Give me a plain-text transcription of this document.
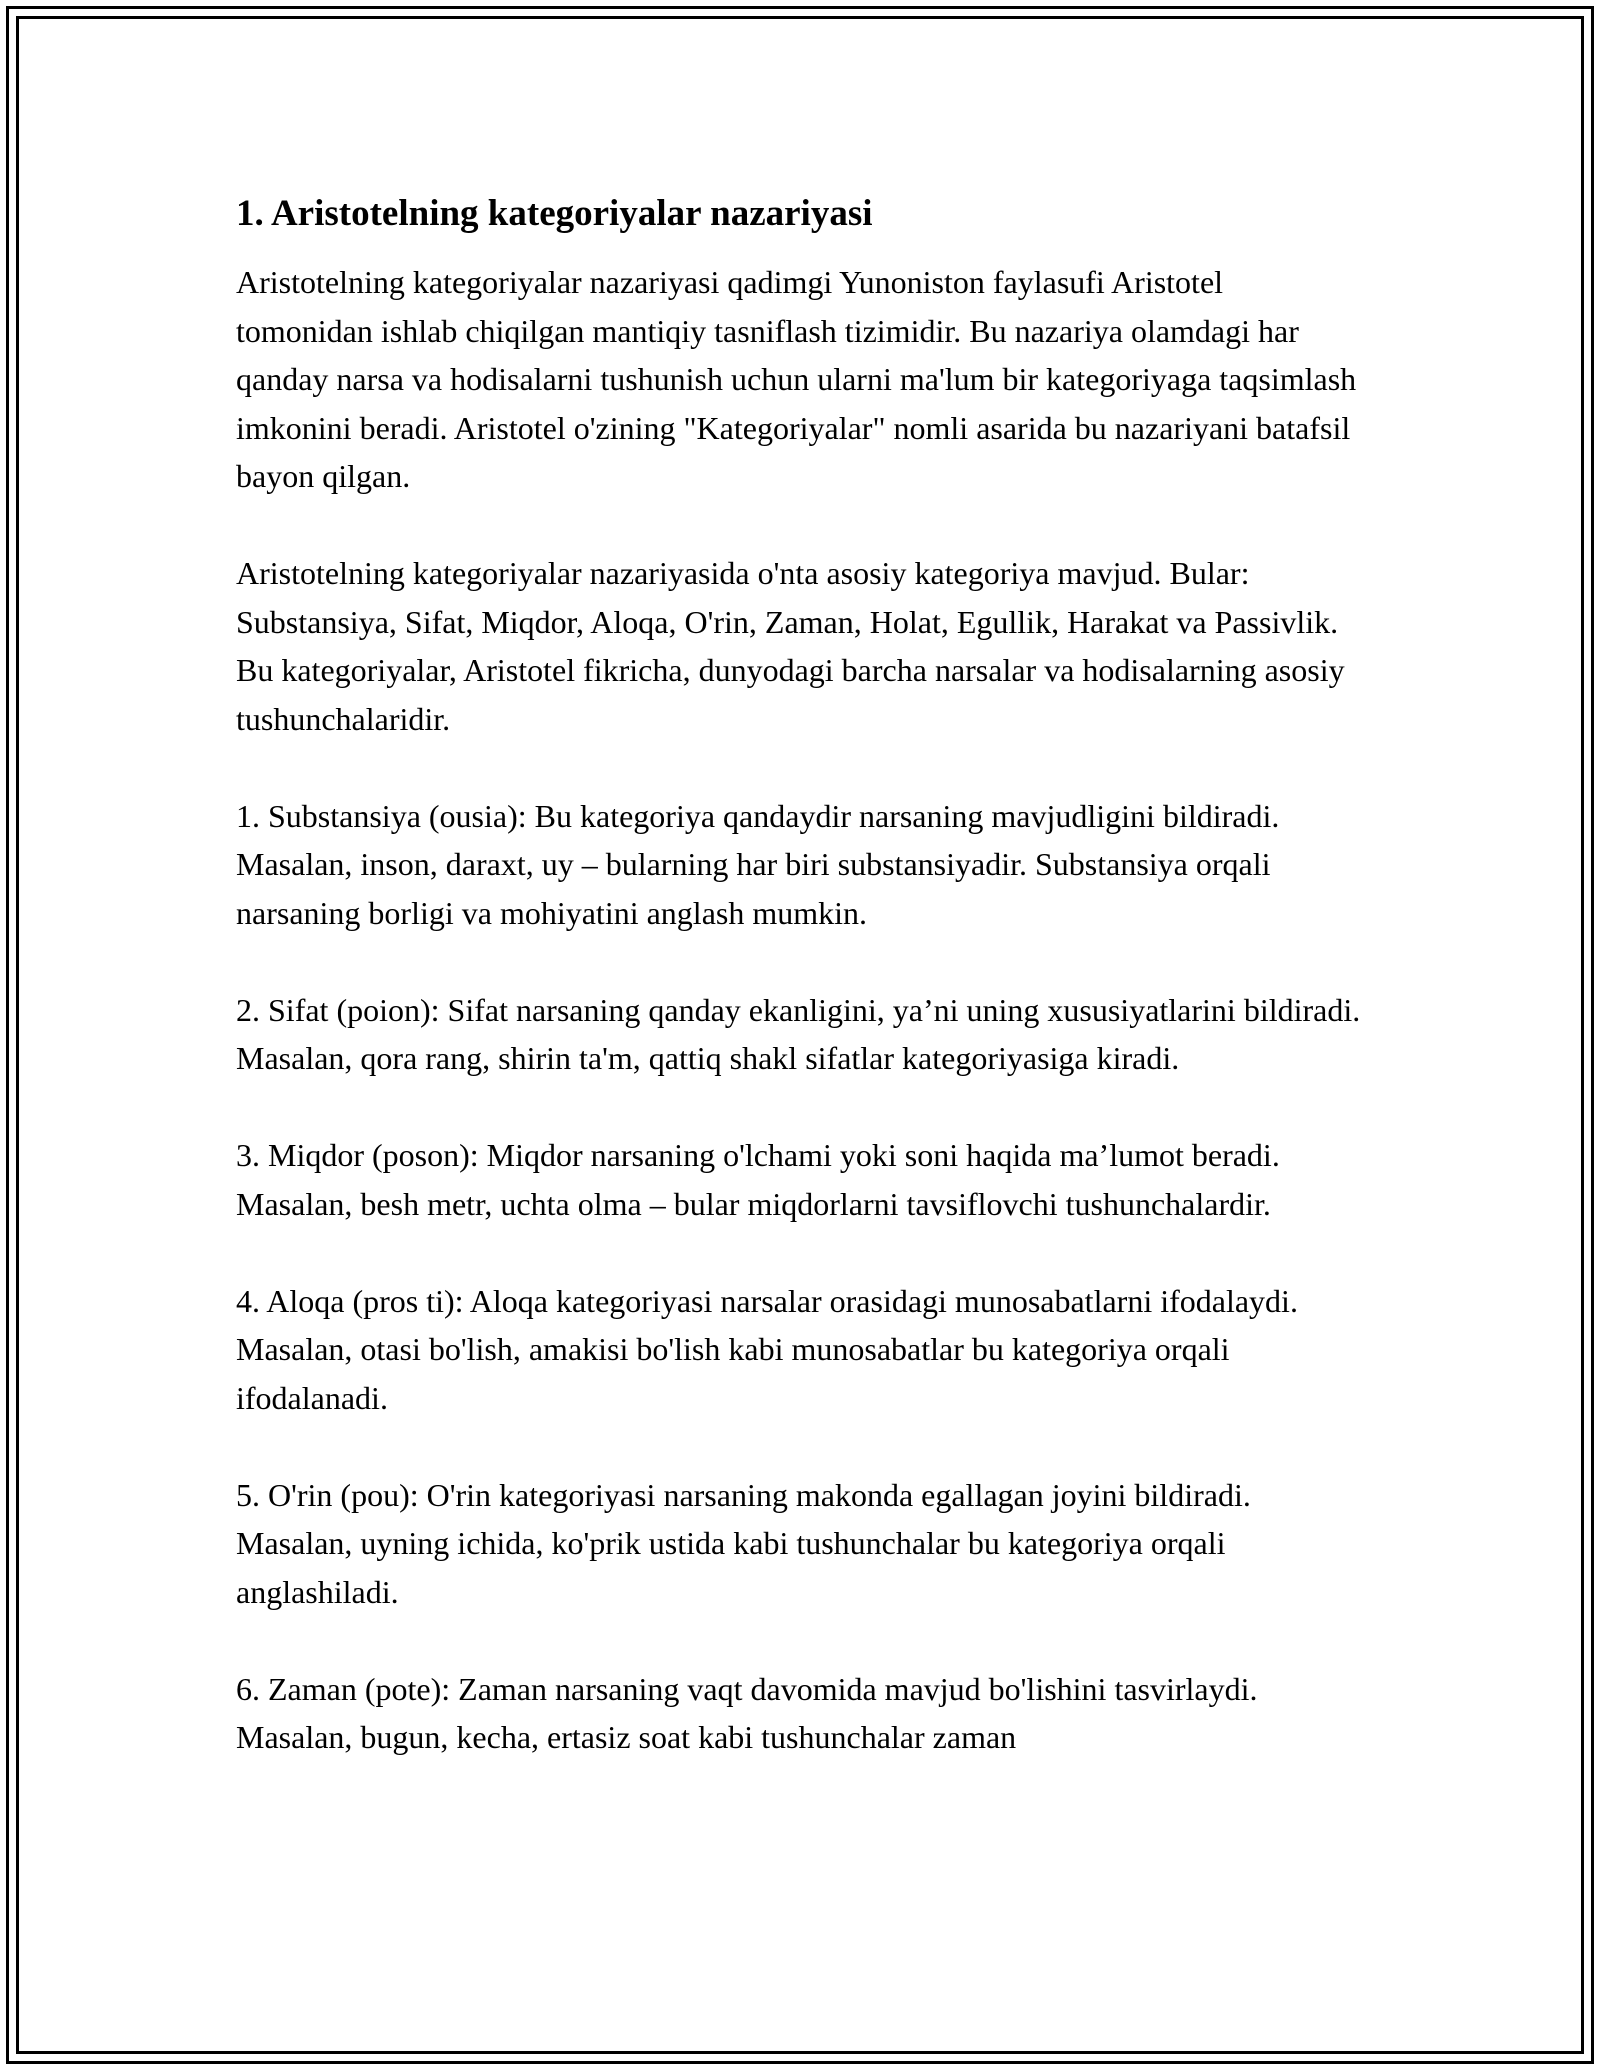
1. Aristotelning kategoriyalar nazariyasi

Aristotelning kategoriyalar nazariyasi qadimgi Yunoniston faylasufi Aristotel tomonidan ishlab chiqilgan mantiqiy tasniflash tizimidir. Bu nazariya olamdagi har qanday narsa va hodisalarni tushunish uchun ularni ma'lum bir kategoriyaga taqsimlash imkonini beradi. Aristotel o'zining "Kategoriyalar" nomli asarida bu nazariyani batafsil bayon qilgan.

Aristotelning kategoriyalar nazariyasida o'nta asosiy kategoriya mavjud. Bular: Substansiya, Sifat, Miqdor, Aloqa, O'rin, Zaman, Holat, Egullik, Harakat va Passivlik. Bu kategoriyalar, Aristotel fikricha, dunyodagi barcha narsalar va hodisalarning asosiy tushunchalaridir.

1. Substansiya (ousia): Bu kategoriya qandaydir narsaning mavjudligini bildiradi. Masalan, inson, daraxt, uy – bularning har biri substansiyadir. Substansiya orqali narsaning borligi va mohiyatini anglash mumkin.

2. Sifat (poion): Sifat narsaning qanday ekanligini, ya’ni uning xususiyatlarini bildiradi. Masalan, qora rang, shirin ta'm, qattiq shakl sifatlar kategoriyasiga kiradi.

3. Miqdor (poson): Miqdor narsaning o'lchami yoki soni haqida ma’lumot beradi. Masalan, besh metr, uchta olma – bular miqdorlarni tavsiflovchi tushunchalardir.

4. Aloqa (pros ti): Aloqa kategoriyasi narsalar orasidagi munosabatlarni ifodalaydi. Masalan, otasi bo'lish, amakisi bo'lish kabi munosabatlar bu kategoriya orqali ifodalanadi.

5. O'rin (pou): O'rin kategoriyasi narsaning makonda egallagan joyini bildiradi. Masalan, uyning ichida, ko'prik ustida kabi tushunchalar bu kategoriya orqali anglashiladi.

6. Zaman (pote): Zaman narsaning vaqt davomida mavjud bo'lishini tasvirlaydi. Masalan, bugun, kecha, ertasiz soat kabi tushunchalar zaman
